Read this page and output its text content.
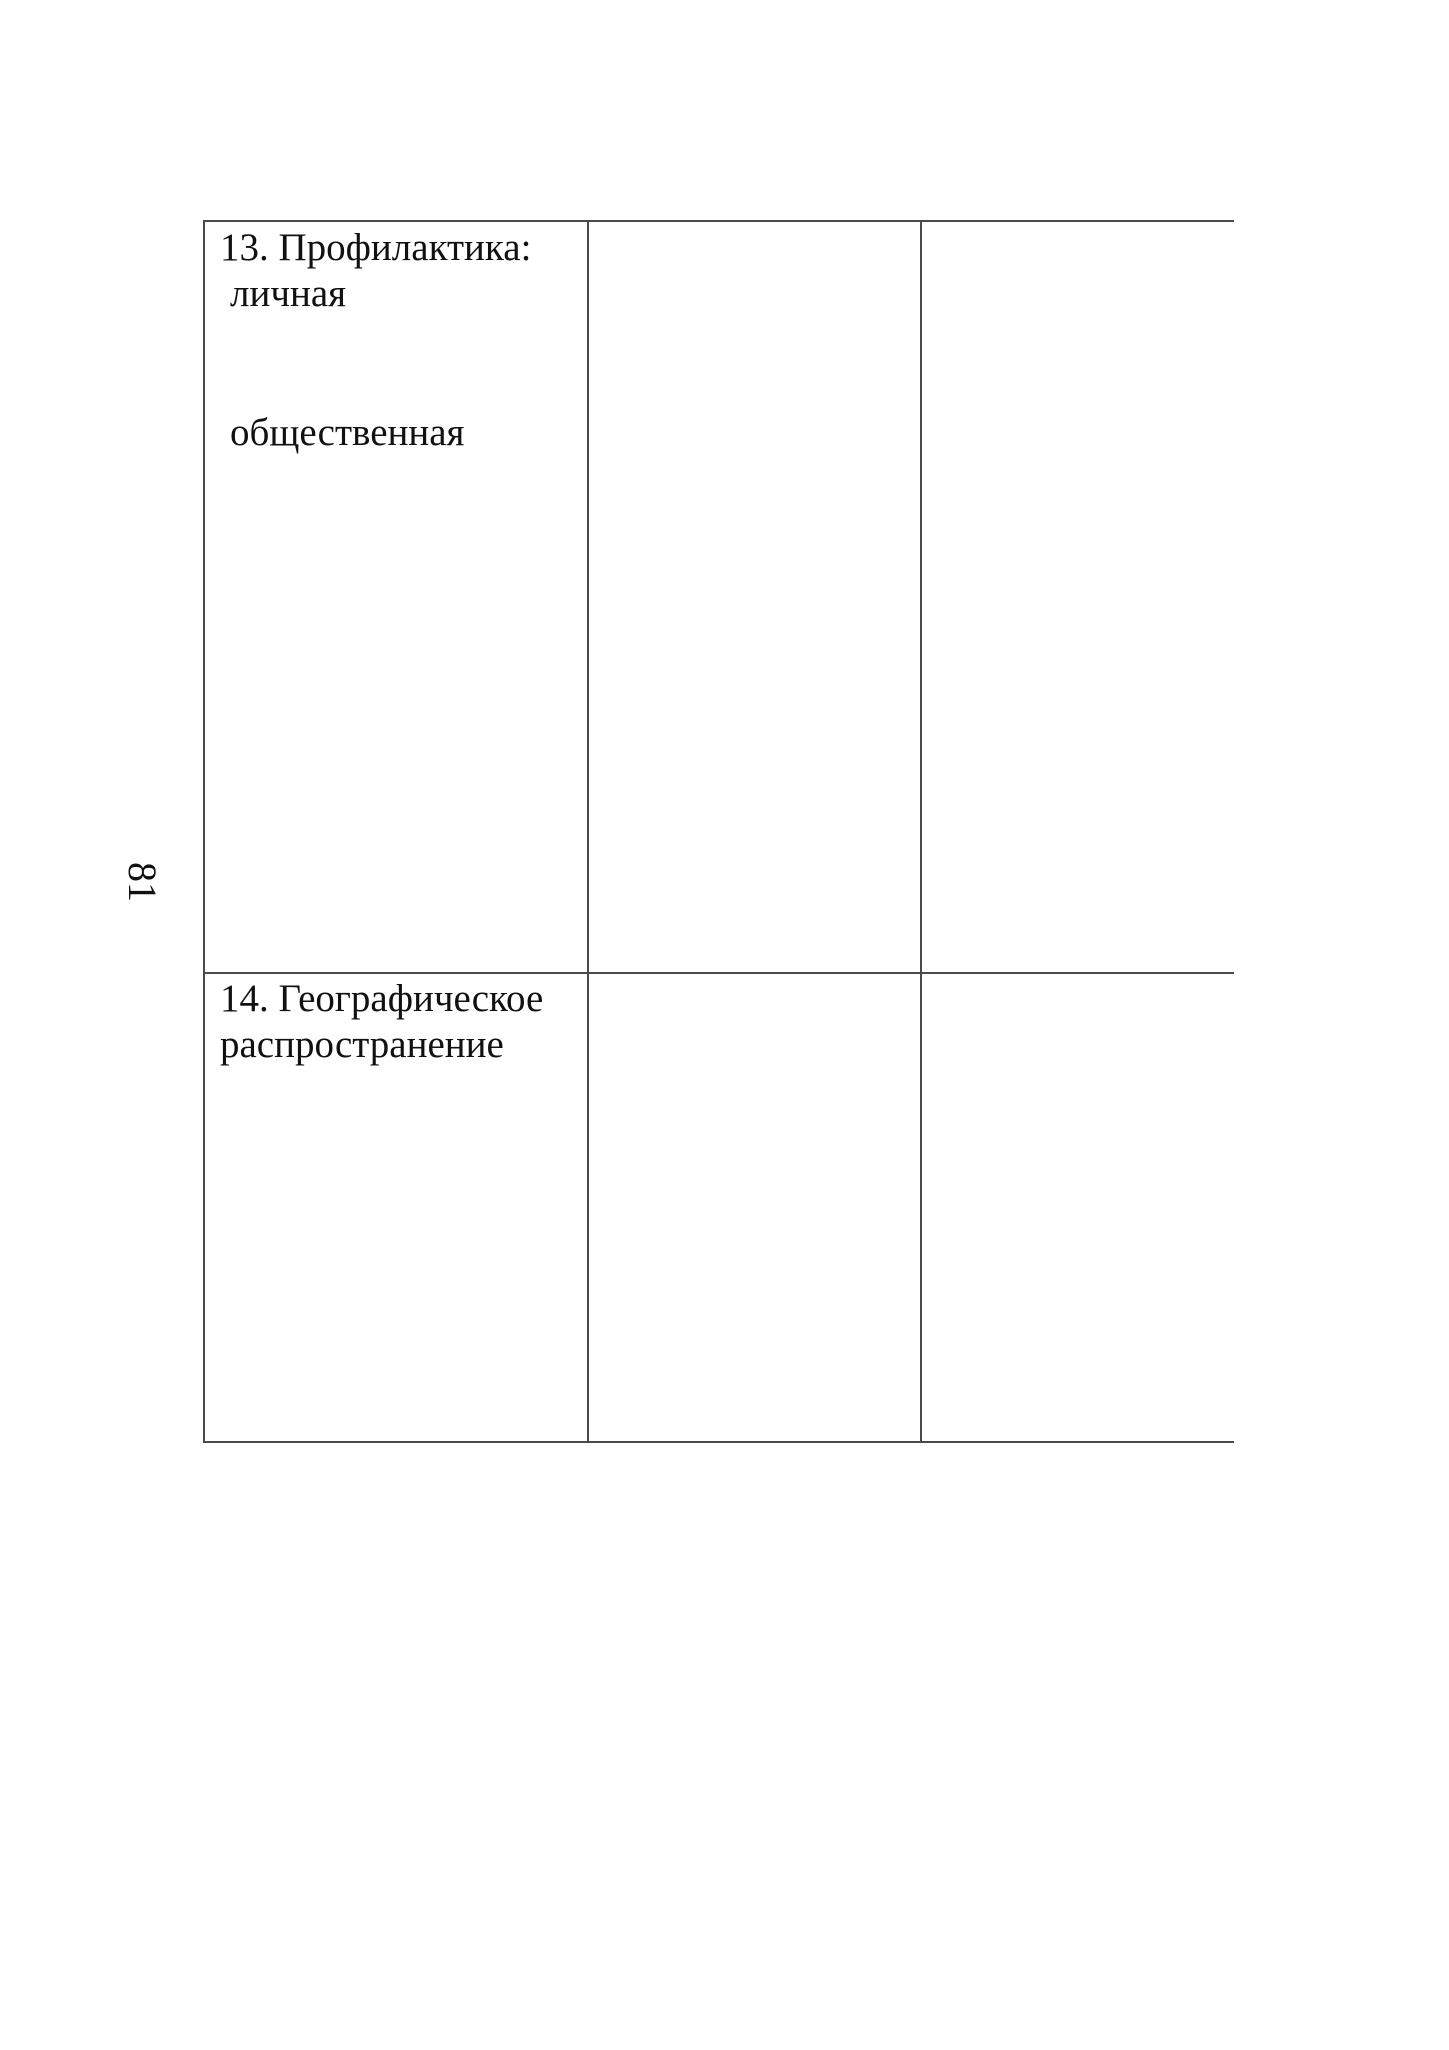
81
13. Профилактика:
личная
общественная
14. Географическое
распространение
